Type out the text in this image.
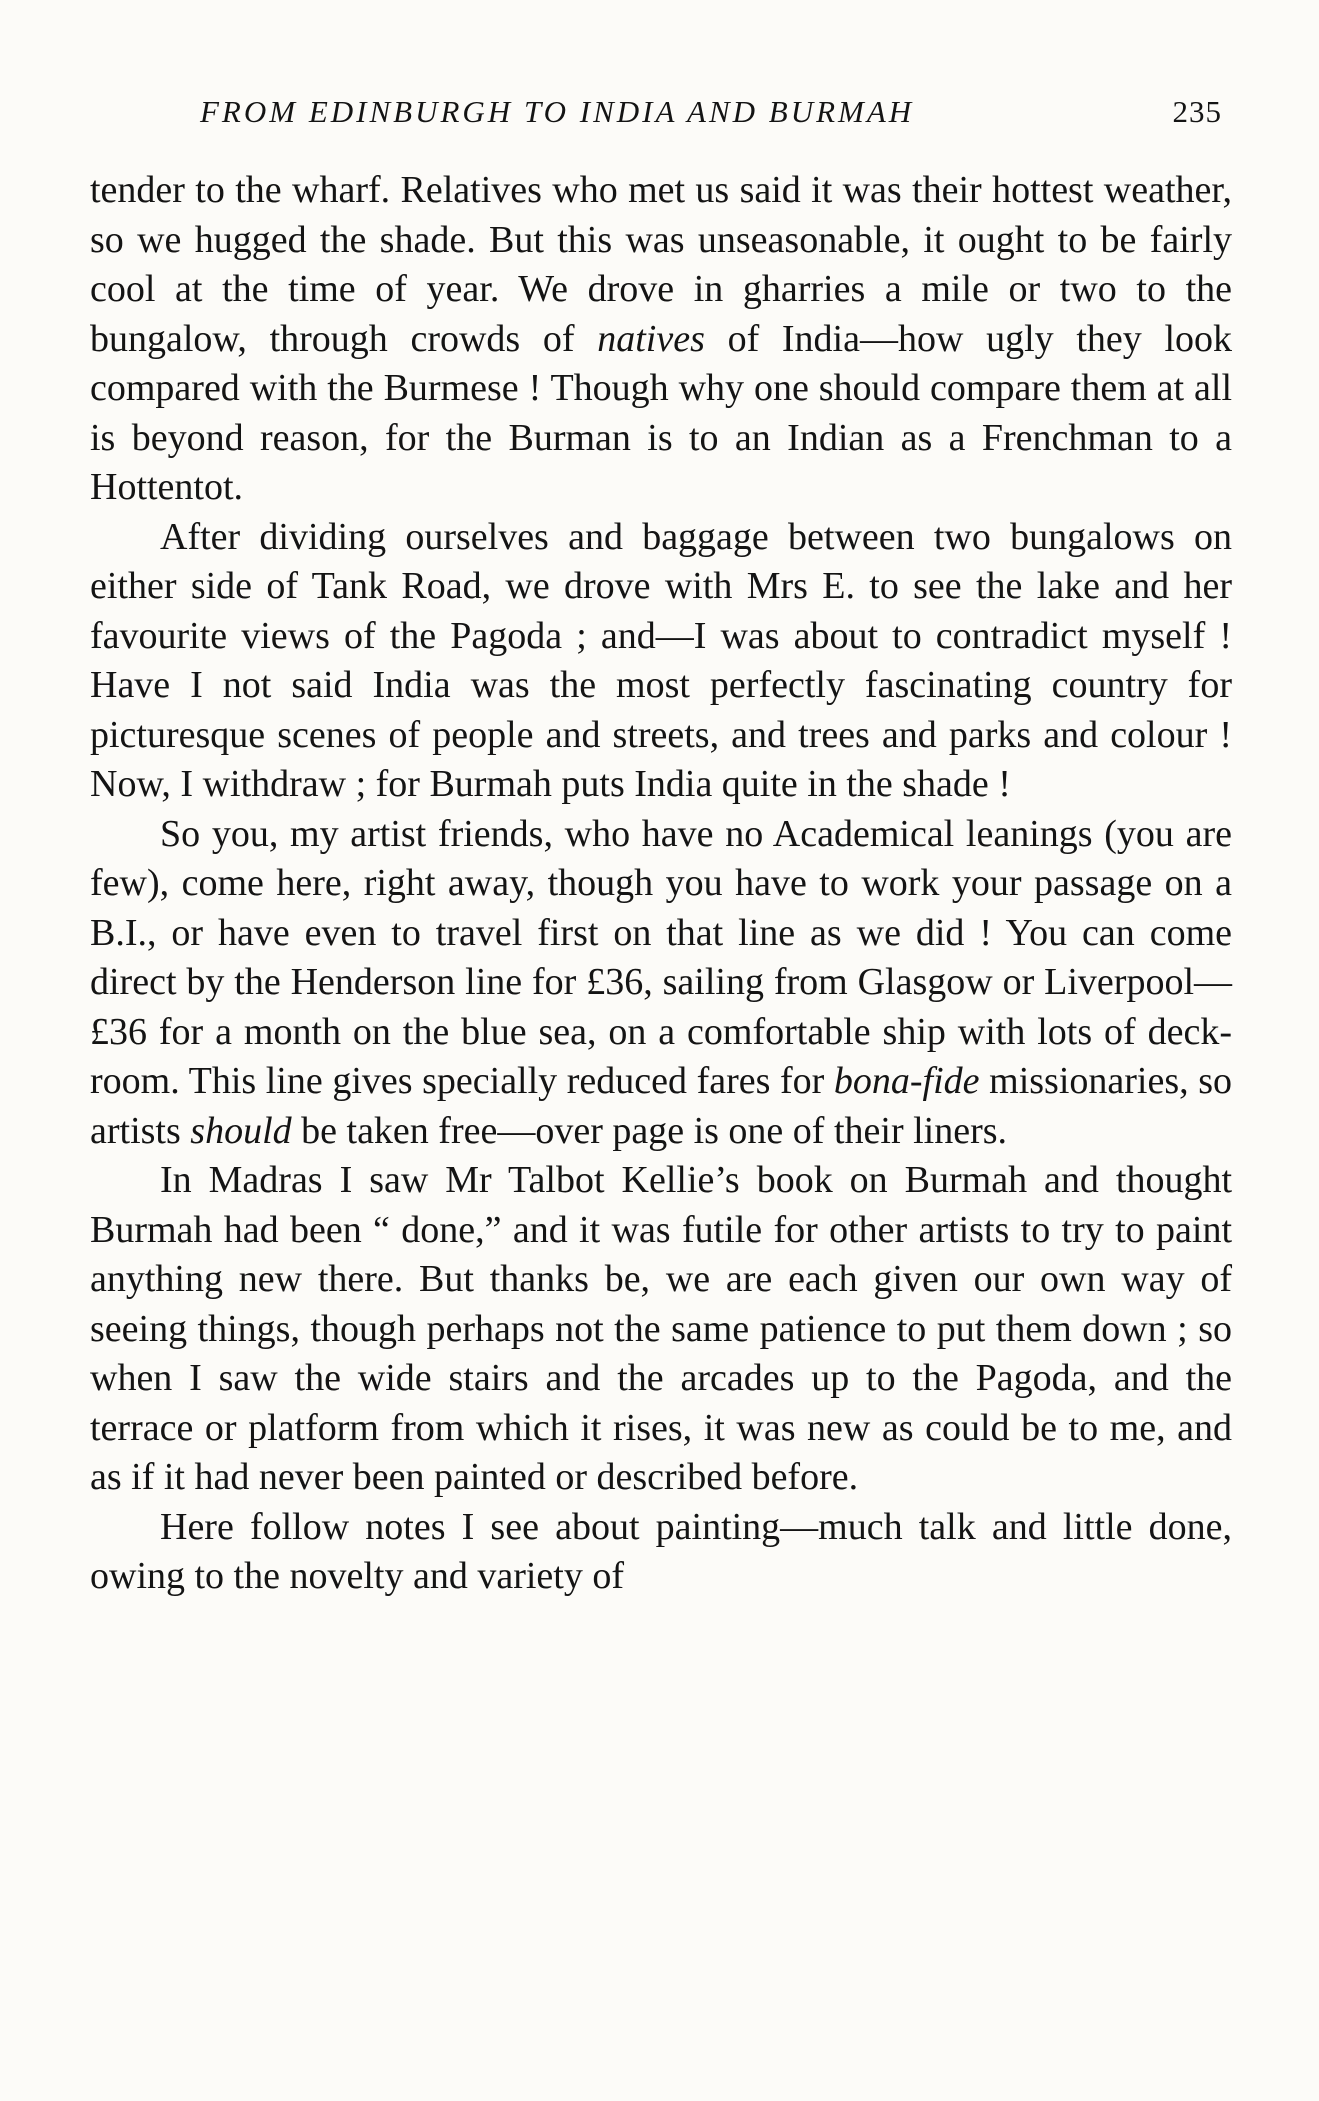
FROM EDINBURGH TO INDIA AND BURMAH	235

tender to the wharf. Relatives who met us said it was their hottest weather, so we hugged the shade. But this was unseasonable, it ought to be fairly cool at the time of year. We drove in gharries a mile or two to the bungalow, through crowds of natives of India—how ugly they look compared with the Burmese ! Though why one should compare them at all is beyond reason, for the Burman is to an Indian as a Frenchman to a Hottentot.

After dividing ourselves and baggage between two bungalows on either side of Tank Road, we drove with Mrs E. to see the lake and her favourite views of the Pagoda ; and—I was about to contradict myself ! Have I not said India was the most perfectly fascinating country for picturesque scenes of people and streets, and trees and parks and colour ! Now, I withdraw ; for Burmah puts India quite in the shade !

So you, my artist friends, who have no Academical leanings (you are few), come here, right away, though you have to work your passage on a B.I., or have even to travel first on that line as we did ! You can come direct by the Henderson line for £36, sailing from Glasgow or Liverpool—£36 for a month on the blue sea, on a comfortable ship with lots of deck-room. This line gives specially reduced fares for bona-fide missionaries, so artists should be taken free—over page is one of their liners.

In Madras I saw Mr Talbot Kellie’s book on Burmah and thought Burmah had been “ done,” and it was futile for other artists to try to paint anything new there. But thanks be, we are each given our own way of seeing things, though perhaps not the same patience to put them down ; so when I saw the wide stairs and the arcades up to the Pagoda, and the terrace or platform from which it rises, it was new as could be to me, and as if it had never been painted or described before.

Here follow notes I see about painting—much talk and little done, owing to the novelty and variety of
